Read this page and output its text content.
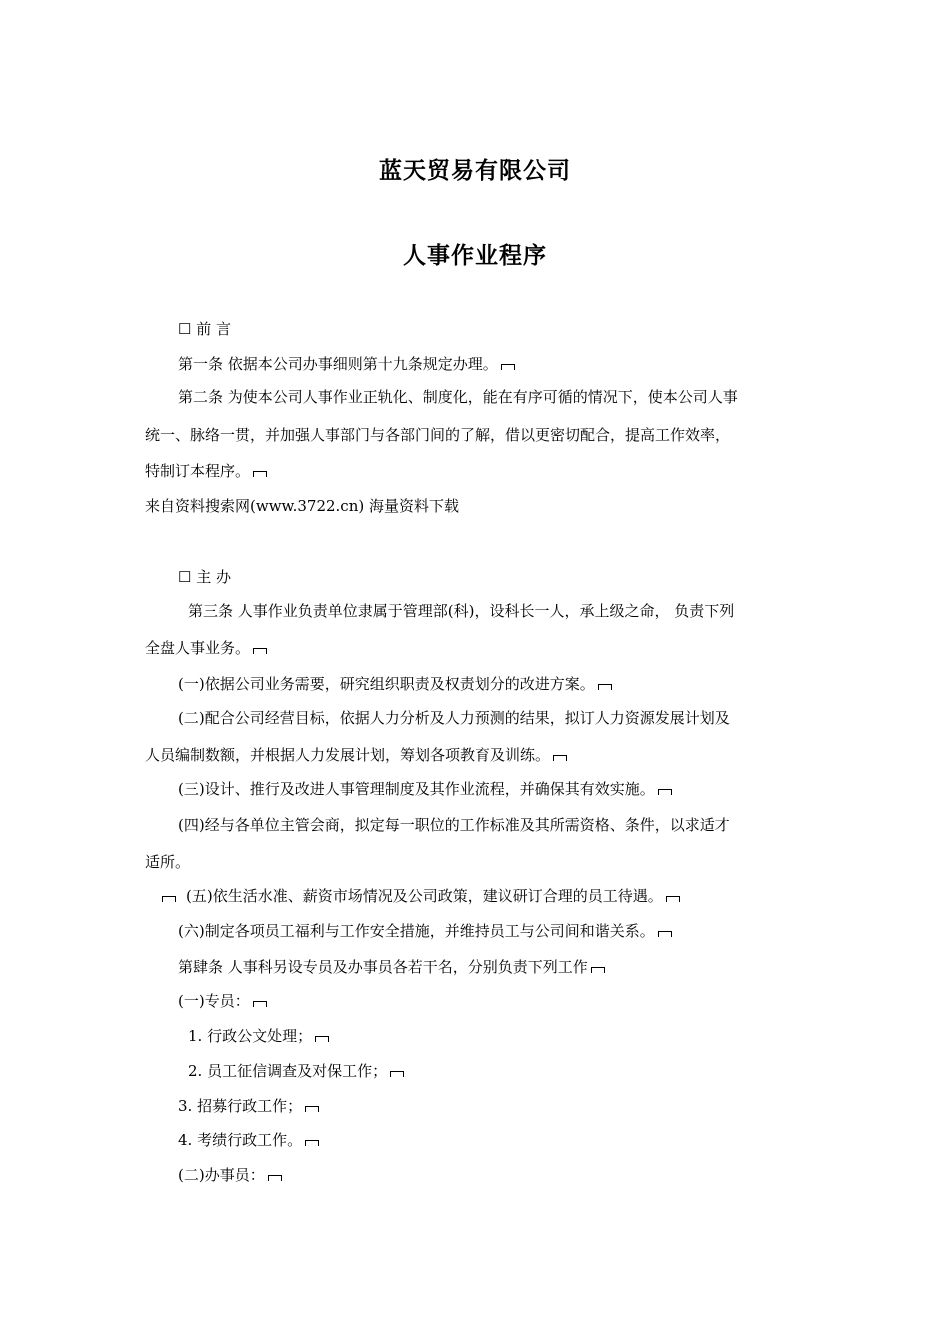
蓝天贸易有限公司
人事作业程序
☐ 前 言
第一条 依据本公司办事细则第十九条规定办理。
第二条 为使本公司人事作业正轨化、制度化，能在有序可循的情况下，使本公司人事
统一、脉络一贯，并加强人事部门与各部门间的了解，借以更密切配合，提高工作效率，
特制订本程序。
来自资料搜索网(www.3722.cn) 海量资料下载
☐ 主 办
第三条 人事作业负责单位隶属于管理部(科)，设科长一人，承上级之命， 负责下列
全盘人事业务。
(一)依据公司业务需要，研究组织职责及权责划分的改进方案。
(二)配合公司经营目标，依据人力分析及人力预测的结果，拟订人力资源发展计划及
人员编制数额，并根据人力发展计划，筹划各项教育及训练。
(三)设计、推行及改进人事管理制度及其作业流程，并确保其有效实施。
(四)经与各单位主管会商，拟定每一职位的工作标准及其所需资格、条件，以求适才
适所。
(五)依生活水准、薪资市场情况及公司政策，建议研订合理的员工待遇。
(六)制定各项员工福利与工作安全措施，并维持员工与公司间和谐关系。
第肆条 人事科另设专员及办事员各若干名，分别负责下列工作
(一)专员：
1. 行政公文处理；
2. 员工征信调查及对保工作；
3. 招募行政工作；
4. 考绩行政工作。
(二)办事员：
